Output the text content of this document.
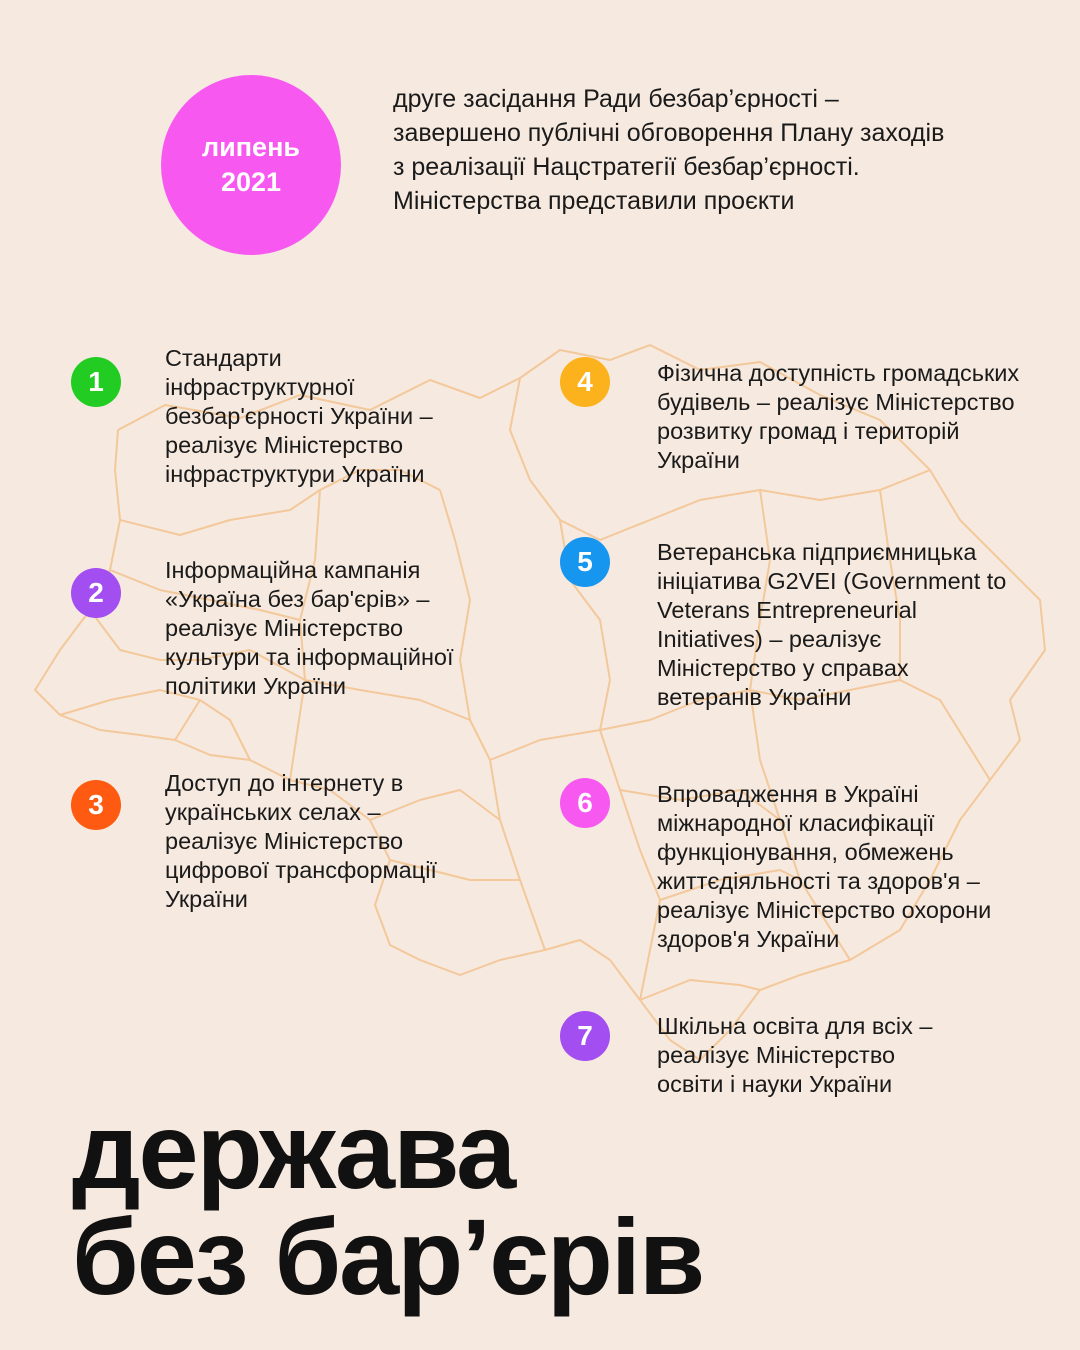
липень
2021
друге засідання Ради безбар’єрності – завершено публічні обговорення Плану заходів з реалізації Нацстратегії безбар’єрності. Міністерства представили проєкти
1
Стандарти інфраструктурної безбар'єрності України – реалізує Міністерство інфраструктури України
2
Інформаційна кампанія «Україна без бар'єрів» – реалізує Міністерство культури та інформаційної політики України
3
Доступ до інтернету в українських селах – реалізує Міністерство цифрової трансформації України
4	Фізична доступність громадських будівель – реалізує Міністерство розвитку громад і територій України
5	Ветеранська підприємницька ініціатива G2VEI (Government to Veterans Entrepreneurial Initiatives) – реалізує Міністерство у справах ветеранів України
6	Впровадження в Україні міжнародної класифікації функціонування, обмежень життєдіяльності та здоров'я – реалізує Міністерство охорони здоров'я України
7	Шкільна освіта для всіх – реалізує Міністерство освіти і науки України
держава
без бар’єрів
